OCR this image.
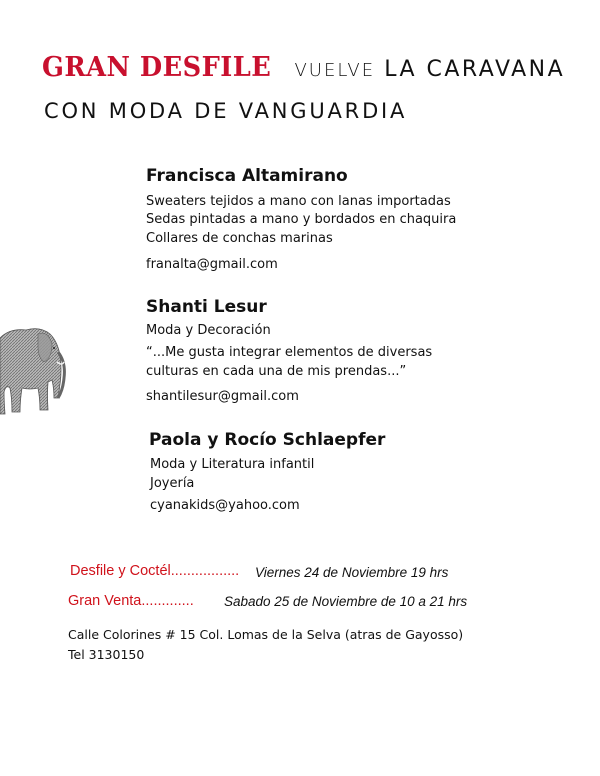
GRAN DESFILE VUELVE LA CARAVANA
CON MODA DE VANGUARDIA
Francisca Altamirano
Sweaters tejidos a mano con lanas importadas
Sedas pintadas a mano y bordados en chaquira
Collares de conchas marinas
franalta@gmail.com
Shanti Lesur
Moda y Decoración
“...Me gusta integrar elementos de diversas
culturas en cada una de mis prendas...”
shantilesur@gmail.com
Paola y Rocío Schlaepfer
Moda y Literatura infantil
Joyería
cyanakids@yahoo.com
Desfile y Coctél................. Viernes 24 de Noviembre 19 hrs
Gran Venta............. Sabado 25 de Noviembre de 10 a 21 hrs
Calle Colorines # 15 Col. Lomas de la Selva (atras de Gayosso)
Tel 3130150
